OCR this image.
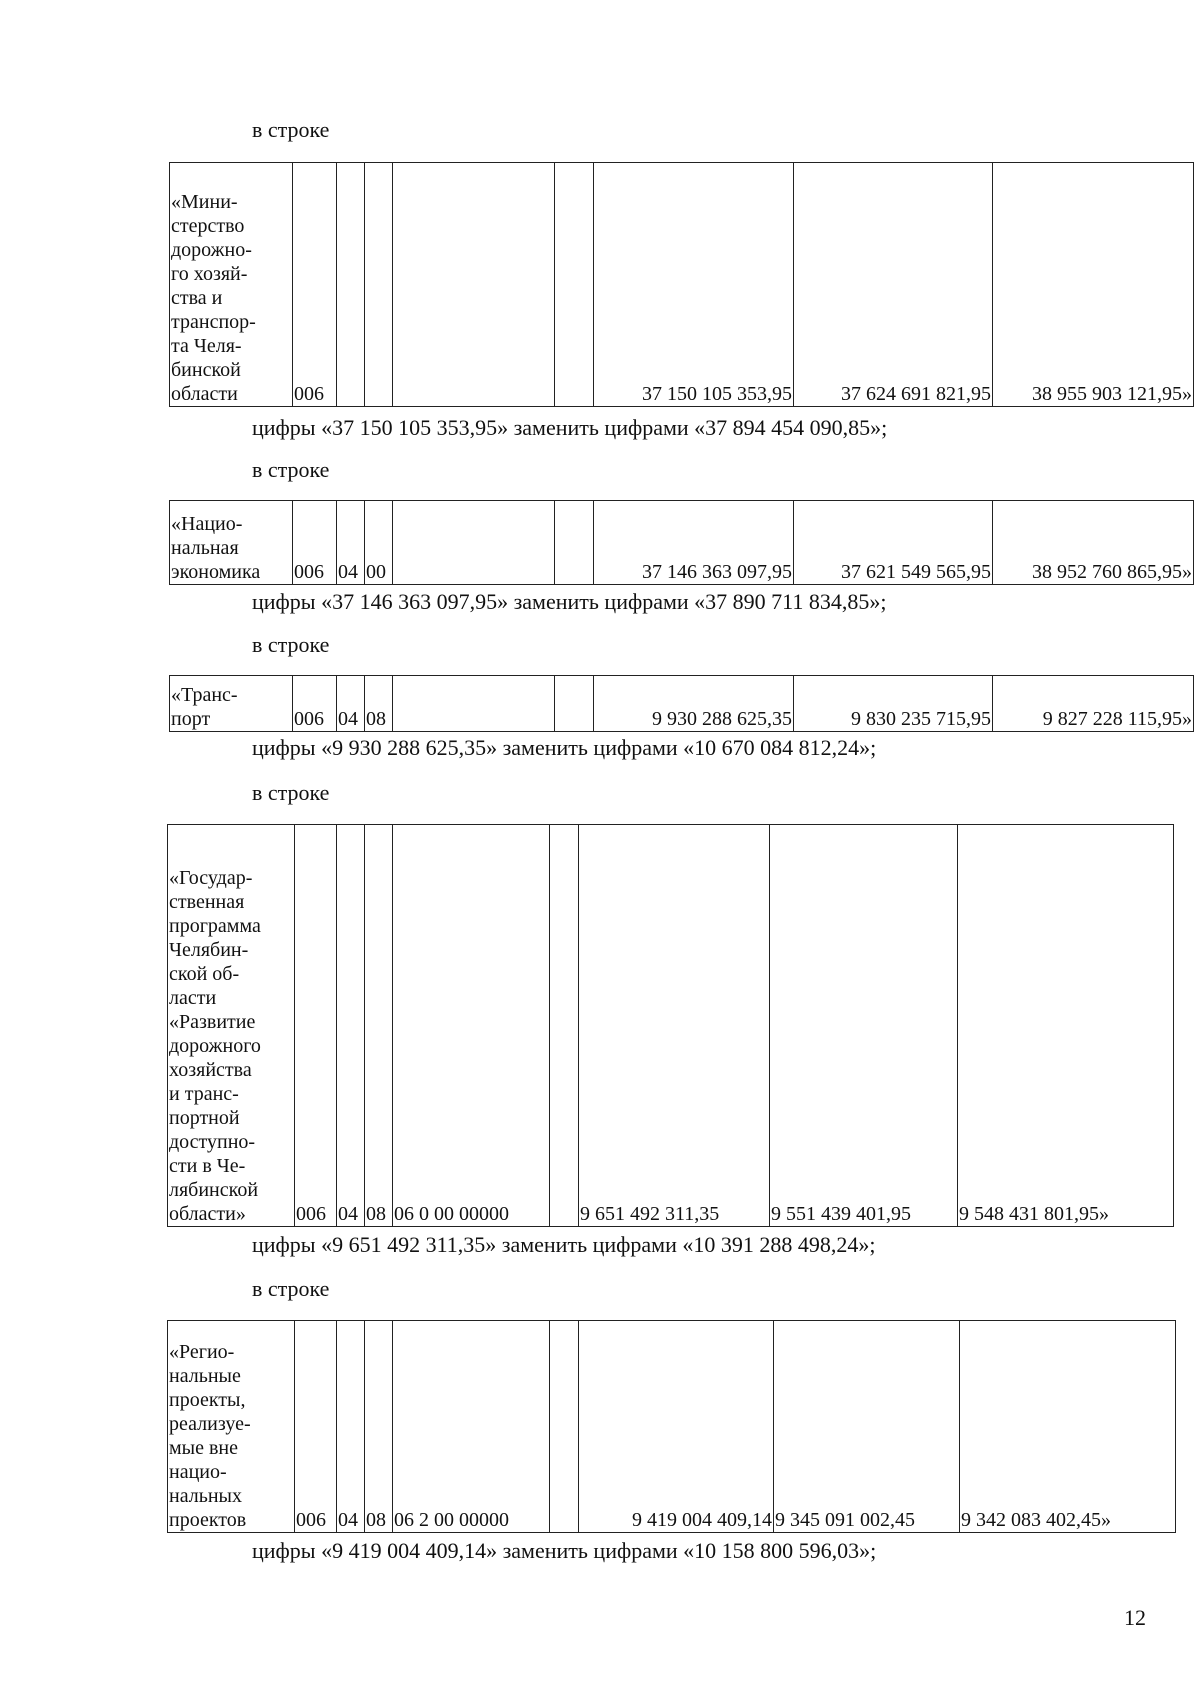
в строке
«Мини-
стерство
дорожно-
го хозяй-
ства и
транспор-
та Челя-
бинской
области	006					37 150 105 353,95	37 624 691 821,95	38 955 903 121,95»
цифры «37 150 105 353,95» заменить цифрами «37 894 454 090,85»;
в строке
«Нацио-
нальная
экономика	006	04	00			37 146 363 097,95	37 621 549 565,95	38 952 760 865,95»
цифры «37 146 363 097,95» заменить цифрами «37 890 711 834,85»;
в строке
«Транс-
порт	006	04	08			9 930 288 625,35	9 830 235 715,95	9 827 228 115,95»
цифры «9 930 288 625,35» заменить цифрами «10 670 084 812,24»;
в строке
«Государ-
ственная
программа
Челябин-
ской об-
ласти
«Развитие
дорожного
хозяйства
и транс-
портной
доступно-
сти в Че-
лябинской
области»	006	04	08	06 0 00 00000		9 651 492 311,35	9 551 439 401,95	9 548 431 801,95»
цифры «9 651 492 311,35» заменить цифрами «10 391 288 498,24»;
в строке
«Регио-
нальные
проекты,
реализуе-
мые вне
нацио-
нальных
проектов	006	04	08	06 2 00 00000		9 419 004 409,14	9 345 091 002,45	9 342 083 402,45»
цифры «9 419 004 409,14» заменить цифрами «10 158 800 596,03»;
12
